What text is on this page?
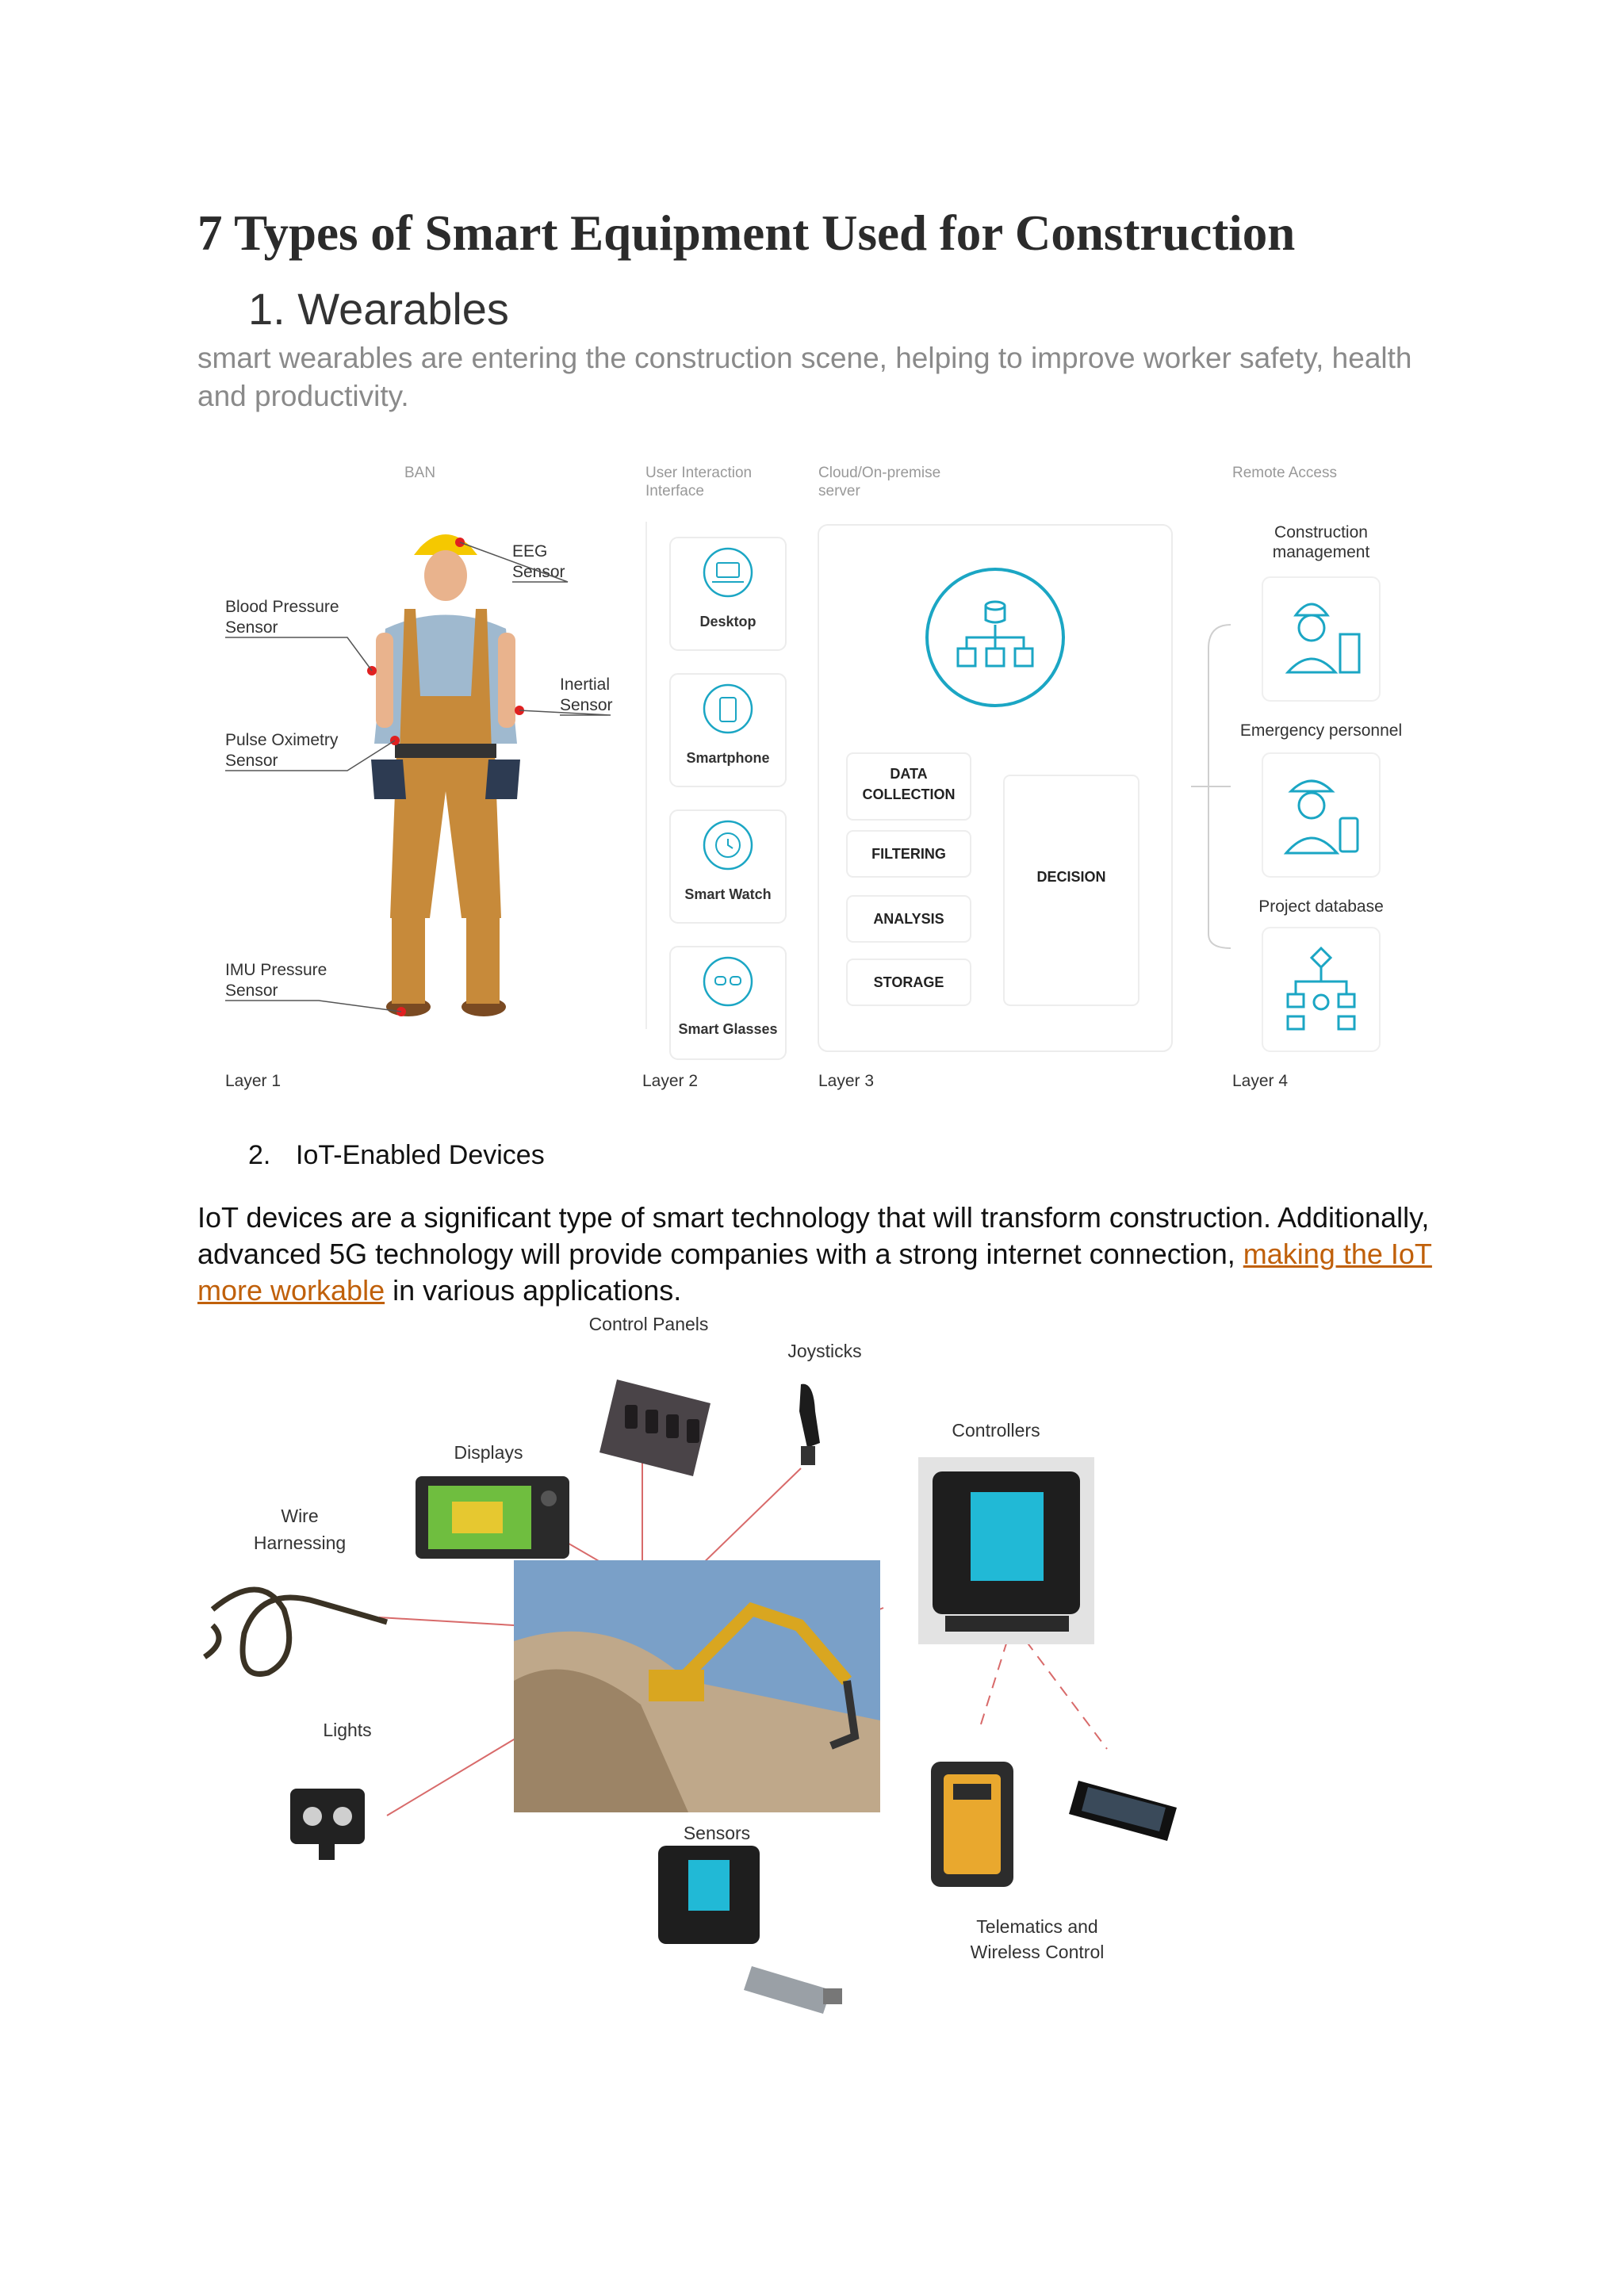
7 Types of Smart Equipment Used for Construction
1. Wearables
smart wearables are entering the construction scene, helping to improve worker safety, health and productivity.
BAN	User Interaction
Interface
Cloud/On-premise
server
Remote Access
EEG
Sensor
Blood Pressure
Sensor
Inertial
Sensor
Pulse Oximetry
Sensor
IMU Pressure
Sensor
Desktop
Smartphone
Smart Watch
Smart Glasses
DATA
COLLECTION
FILTERING
ANALYSIS
STORAGE
DECISION
Construction
management
Emergency personnel
Project database
Layer 1	Layer 2	Layer 3	Layer 4
2. IoT-Enabled Devices
IoT devices are a significant type of smart technology that will transform construction. Additionally, advanced 5G technology will provide companies with a strong internet connection, making the IoT more workable in various applications.
Control Panels
Joysticks
Displays
Controllers
Wire
Harnessing
Lights
Sensors
Telematics and
Wireless Control
